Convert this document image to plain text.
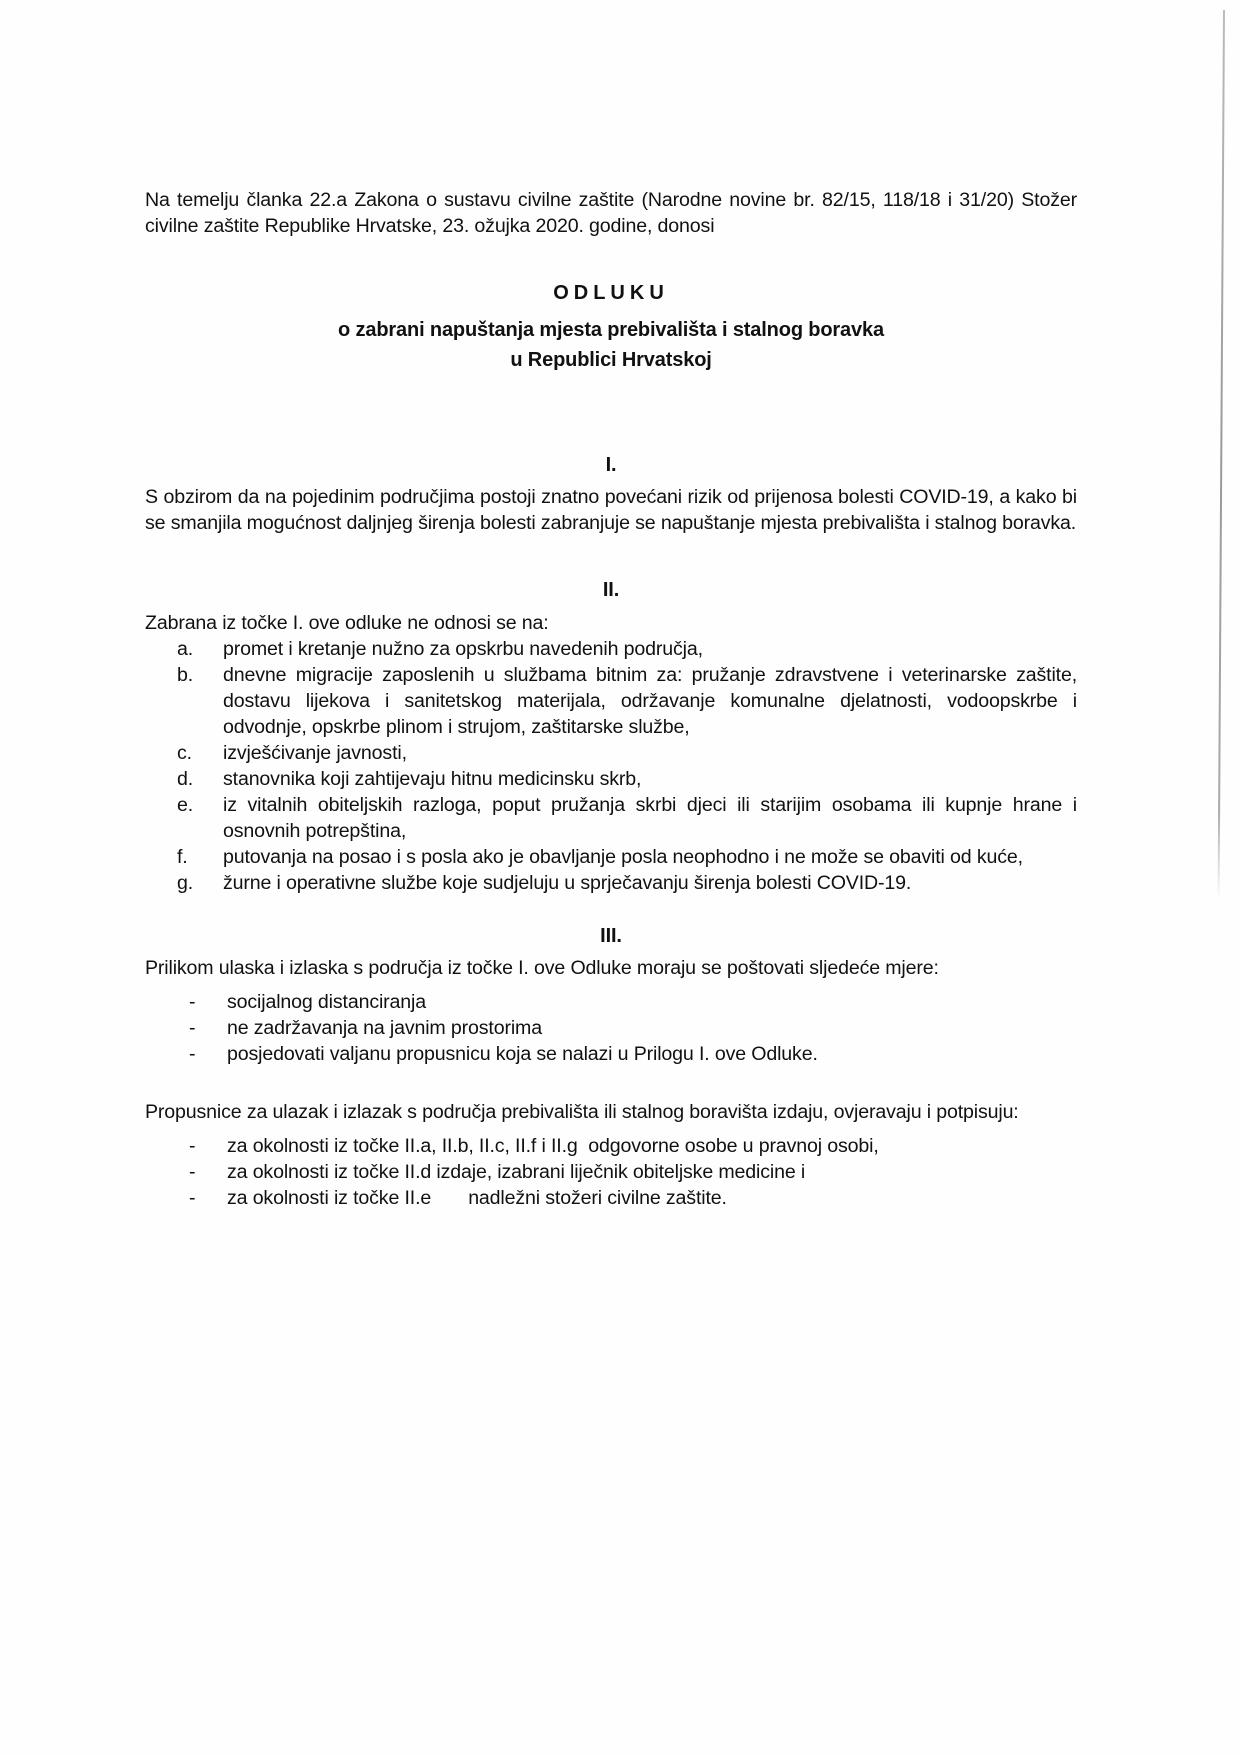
Na temelju članka 22.a Zakona o sustavu civilne zaštite (Narodne novine br. 82/15, 118/18 i 31/20) Stožer civilne zaštite Republike Hrvatske, 23. ožujka 2020. godine, donosi
ODLUKU
o zabrani napuštanja mjesta prebivališta i stalnog boravka
u Republici Hrvatskoj
I.
S obzirom da na pojedinim područjima postoji znatno povećani rizik od prijenosa bolesti COVID-19, a kako bi se smanjila mogućnost daljnjeg širenja bolesti zabranjuje se napuštanje mjesta prebivališta i stalnog boravka.
II.
Zabrana iz točke I. ove odluke ne odnosi se na:
a. promet i kretanje nužno za opskrbu navedenih područja,
b. dnevne migracije zaposlenih u službama bitnim za: pružanje zdravstvene i veterinarske zaštite, dostavu lijekova i sanitetskog materijala, održavanje komunalne djelatnosti, vodoopskrbe i odvodnje, opskrbe plinom i strujom, zaštitarske službe,
c. izvješćivanje javnosti,
d. stanovnika koji zahtijevaju hitnu medicinsku skrb,
e. iz vitalnih obiteljskih razloga, poput pružanja skrbi djeci ili starijim osobama ili kupnje hrane i osnovnih potrepština,
f. putovanja na posao i s posla ako je obavljanje posla neophodno i ne može se obaviti od kuće,
g. žurne i operativne službe koje sudjeluju u sprječavanju širenja bolesti COVID-19.
III.
Prilikom ulaska i izlaska s područja iz točke I. ove Odluke moraju se poštovati sljedeće mjere:
- socijalnog distanciranja
- ne zadržavanja na javnim prostorima
- posjedovati valjanu propusnicu koja se nalazi u Prilogu I. ove Odluke.
Propusnice za ulazak i izlazak s područja prebivališta ili stalnog boravišta izdaju, ovjeravaju i potpisuju:
- za okolnosti iz točke II.a, II.b, II.c, II.f i II.g  odgovorne osobe u pravnoj osobi,
- za okolnosti iz točke II.d izdaje, izabrani liječnik obiteljske medicine i
- za okolnosti iz točke II.e nadležni stožeri civilne zaštite.
